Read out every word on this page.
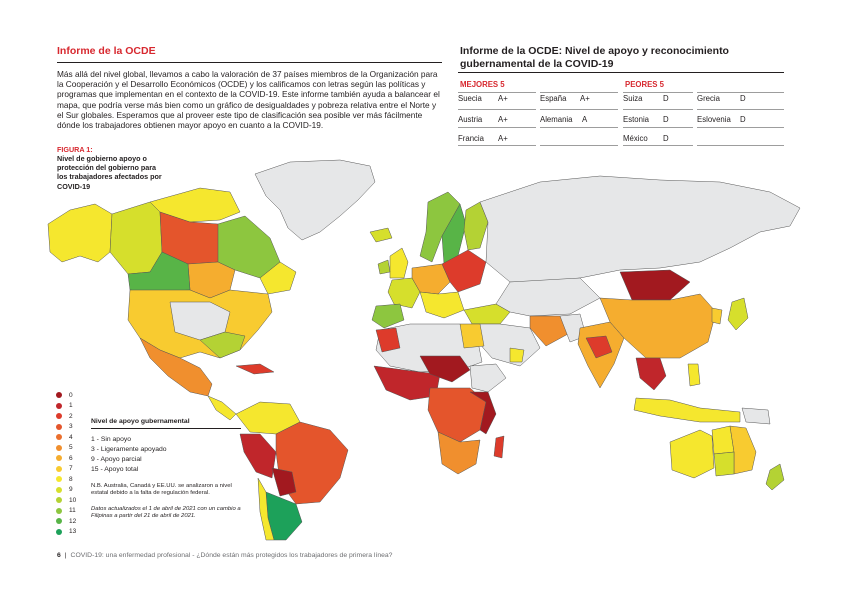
Informe de la OCDE
Más allá del nivel global, llevamos a cabo la valoración de 37 países miembros de la Organización para la Cooperación y el Desarrollo Económicos (OCDE) y los calificamos con letras según las políticas y programas que implementan en el contexto de la COVID-19. Este informe también ayuda a balancear el mapa, que podría verse más bien como un gráfico de desigualdades y pobreza relativa entre el Norte y el Sur globales. Esperamos que al proveer este tipo de clasificación sea posible ver más fácilmente dónde los trabajadores obtienen mayor apoyo en cuanto a la COVID-19.
FIGURA 1:
Nivel de gobierno apoyo o protección del gobierno para los trabajadores afectados por COVID-19
Informe de la OCDE: Nivel de apoyo y reconocimiento gubernamental de la COVID-19
MEJORES 5	PEORES 5
Suecia	A+	España	A+
Austria	A+	Alemania	A
Francia	A+
Suiza	D	Grecia	D
Estonia	D	Eslovenia	D
México	D
0
1
2
3
4
5
6
7
8
9
10
11
12
13
Nivel de apoyo gubernamental
1 - Sin apoyo
3 - Ligeramente apoyado
9 - Apoyo parcial
15 - Apoyo total
N.B. Australia, Canadá y EE.UU. se analizaron a nivel estatal debido a la falta de regulación federal.
Datos actualizados el 1 de abril de 2021 con un cambio a Filipinas a partir del 21 de abril de 2021.
6 | COVID-19: una enfermedad profesional - ¿Dónde están más protegidos los trabajadores de primera línea?
